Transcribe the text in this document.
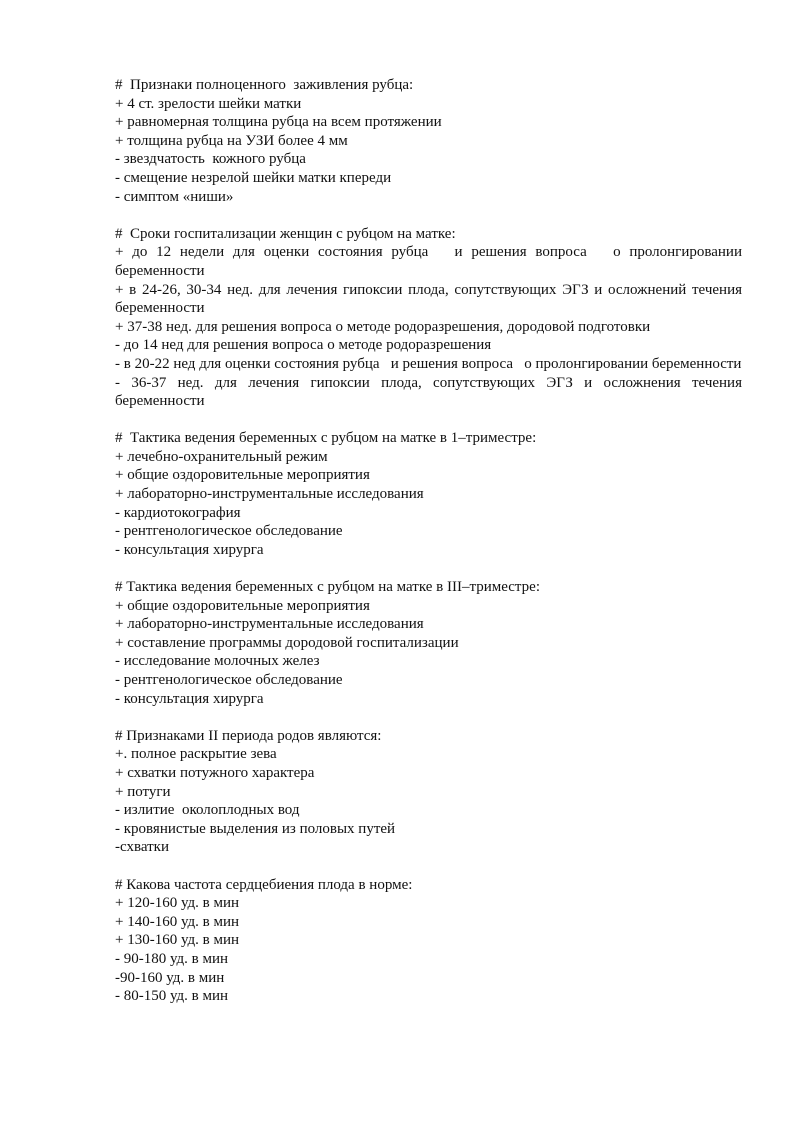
#  Признаки полноценного  заживления рубца:
+ 4 ст. зрелости шейки матки
+ равномерная толщина рубца на всем протяжении
+ толщина рубца на УЗИ более 4 мм
- звездчатость  кожного рубца
- смещение незрелой шейки матки кпереди
- симптом «ниши»
#  Сроки госпитализации женщин с рубцом на матке:
+ до 12 недели для оценки состояния рубца   и решения вопроса   о пролонгировании беременности
+ в 24-26, 30-34 нед. для лечения гипоксии плода, сопутствующих ЭГЗ и осложнений течения беременности
+ 37-38 нед. для решения вопроса о методе родоразрешения, дородовой подготовки
- до 14 нед для решения вопроса о методе родоразрешения
- в 20-22 нед для оценки состояния рубца   и решения вопроса   о пролонгировании беременности
- 36-37 нед. для лечения гипоксии плода, сопутствующих ЭГЗ и осложнения течения беременности
#  Тактика ведения беременных с рубцом на матке в 1–триместре:
+ лечебно-охранительный режим
+ общие оздоровительные мероприятия
+ лабораторно-инструментальные исследования
- кардиотокография
- рентгенологическое обследование
- консультация хирурга
# Тактика ведения беременных с рубцом на матке в III–триместре:
+ общие оздоровительные мероприятия
+ лабораторно-инструментальные исследования
+ составление программы дородовой госпитализации
- исследование молочных желез
- рентгенологическое обследование
- консультация хирурга
# Признаками II периода родов являются:
+. полное раскрытие зева
+ схватки потужного характера
+ потуги
- излитие  околоплодных вод
- кровянистые выделения из половых путей
-схватки
# Какова частота сердцебиения плода в норме:
+ 120-160 уд. в мин
+ 140-160 уд. в мин
+ 130-160 уд. в мин
- 90-180 уд. в мин
-90-160 уд. в мин
- 80-150 уд. в мин
